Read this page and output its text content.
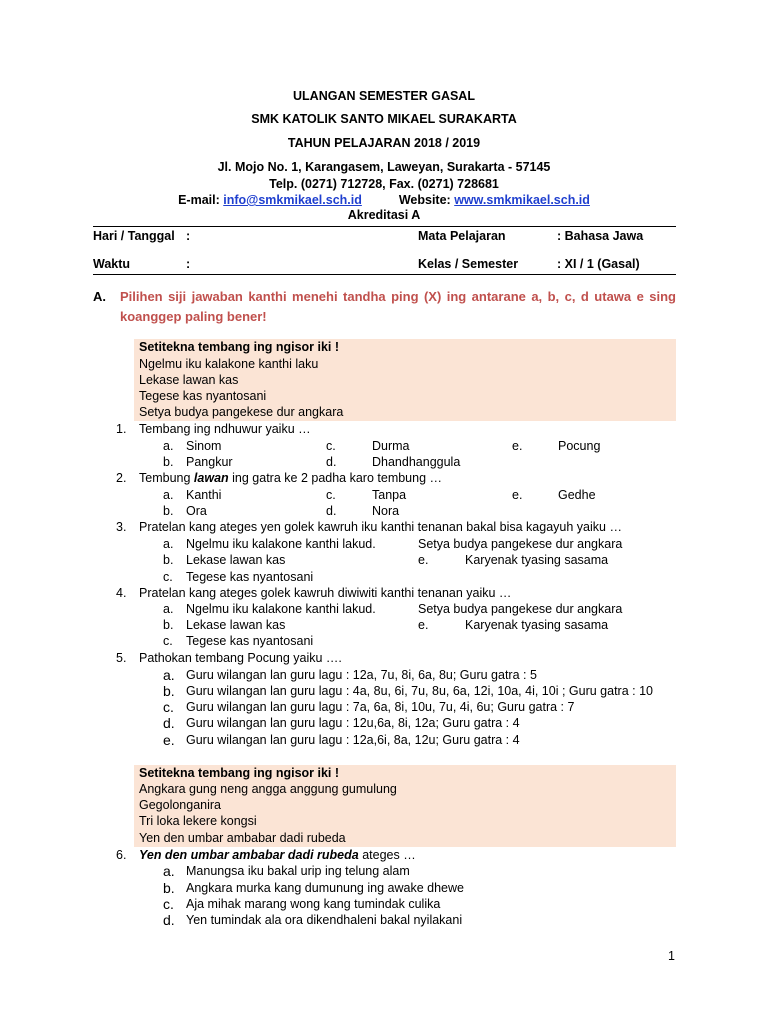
ULANGAN SEMESTER GASAL
SMK KATOLIK SANTO MIKAEL SURAKARTA
TAHUN PELAJARAN 2018 / 2019
Jl. Mojo No. 1, Karangasem, Laweyan, Surakarta - 57145
Telp. (0271) 712728, Fax. (0271) 728681
E-mail: info@smkmikael.sch.id	Website: www.smkmikael.sch.id
Akreditasi A
Hari / Tanggal :	Mata Pelajaran	: Bahasa Jawa
Waktu	:	Kelas / Semester	: XI / 1 (Gasal)
A. Pilihen siji jawaban kanthi menehi tandha ping (X) ing antarane a, b, c, d utawa e sing
koanggep paling bener!
Setitekna tembang ing ngisor iki !
Ngelmu iku kalakone kanthi laku
Lekase lawan kas
Tegese kas nyantosani
Setya budya pangekese dur angkara
1. Tembang ing ndhuwur yaiku …
a. Sinom	c.	Durma	e.	Pocung
b. Pangkur	d.	Dhandhanggula
2. Tembung lawan ing gatra ke 2 padha karo tembung …
a. Kanthi	c.	Tanpa	e.	Gedhe
b. Ora	d.	Nora
3. Pratelan kang ateges yen golek kawruh iku kanthi tenanan bakal bisa kagayuh yaiku …
a. Ngelmu iku kalakone kanthi lakud.	Setya budya pangekese dur angkara
b. Lekase lawan kas	e.	Karyenak tyasing sasama
c. Tegese kas nyantosani
4. Pratelan kang ateges golek kawruh diwiwiti kanthi tenanan yaiku …
a. Ngelmu iku kalakone kanthi lakud.	Setya budya pangekese dur angkara
b. Lekase lawan kas	e.	Karyenak tyasing sasama
c. Tegese kas nyantosani
5. Pathokan tembang Pocung yaiku ….
a. Guru wilangan lan guru lagu : 12a, 7u, 8i, 6a, 8u; Guru gatra : 5
b. Guru wilangan lan guru lagu : 4a, 8u, 6i, 7u, 8u, 6a, 12i, 10a, 4i, 10i ; Guru gatra : 10
c. Guru wilangan lan guru lagu : 7a, 6a, 8i, 10u, 7u, 4i, 6u; Guru gatra : 7
d. Guru wilangan lan guru lagu : 12u,6a, 8i, 12a; Guru gatra : 4
e. Guru wilangan lan guru lagu : 12a,6i, 8a, 12u; Guru gatra : 4
Setitekna tembang ing ngisor iki !
Angkara gung neng angga anggung gumulung
Gegolonganira
Tri loka lekere kongsi
Yen den umbar ambabar dadi rubeda
6. Yen den umbar ambabar dadi rubeda ateges …
a. Manungsa iku bakal urip ing telung alam
b. Angkara murka kang dumunung ing awake dhewe
c. Aja mihak marang wong kang tumindak culika
d. Yen tumindak ala ora dikendhaleni bakal nyilakani
1
